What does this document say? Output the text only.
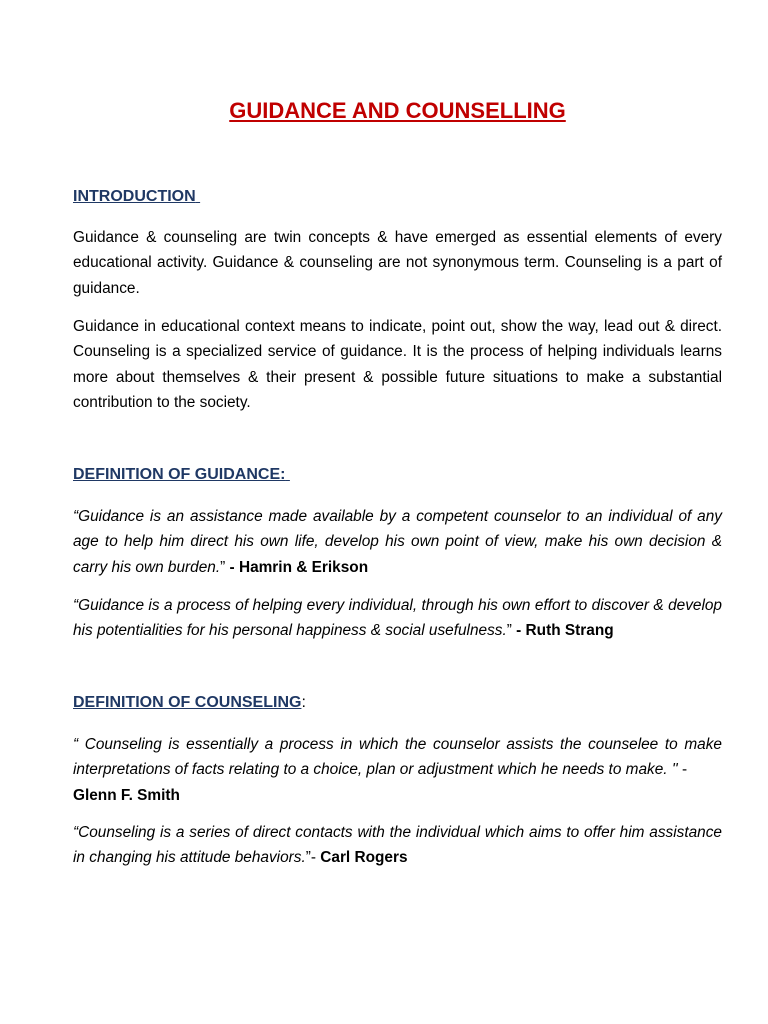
GUIDANCE AND COUNSELLING
INTRODUCTION

Guidance & counseling are twin concepts & have emerged as essential elements of every educational activity. Guidance & counseling are not synonymous term. Counseling is a part of guidance.

Guidance in educational context means to indicate, point out, show the way, lead out & direct. Counseling is a specialized service of guidance. It is the process of helping individuals learns more about themselves & their present & possible future situations to make a substantial contribution to the society.

DEFINITION OF GUIDANCE:

“Guidance is an assistance made available by a competent counselor to an individual of any age to help him direct his own life, develop his own point of view, make his own decision & carry his own burden.” - Hamrin & Erikson

“Guidance is a process of helping every individual, through his own effort to discover & develop his potentialities for his personal happiness & social usefulness.” - Ruth Strang

DEFINITION OF COUNSELING:

“ Counseling is essentially a process in which the counselor assists the counselee to make interpretations of facts relating to a choice, plan or adjustment which he needs to make. '' -
Glenn F. Smith

“Counseling is a series of direct contacts with the individual which aims to offer him assistance in changing his attitude behaviors.”- Carl Rogers
